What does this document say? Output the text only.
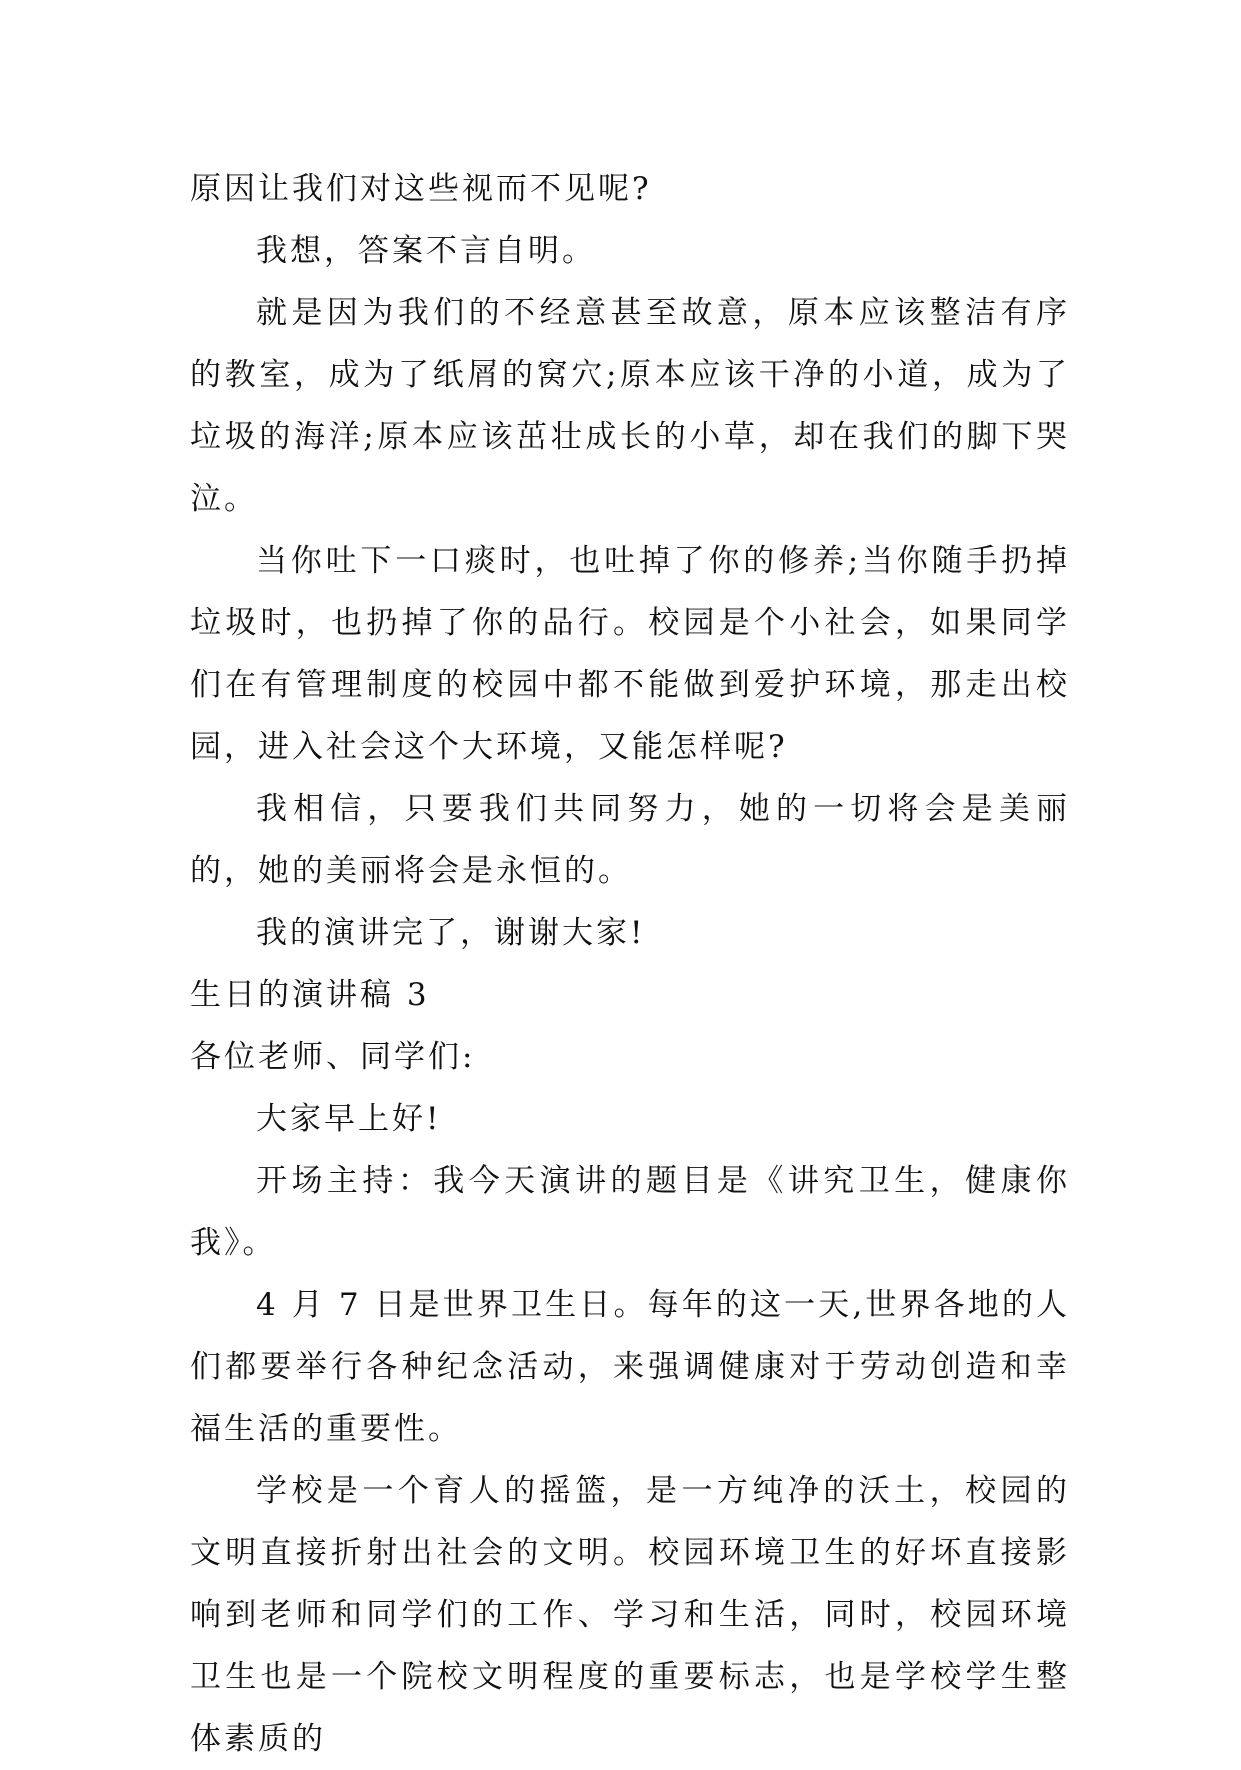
原因让我们对这些视而不见呢?

我想，答案不言自明。

就是因为我们的不经意甚至故意，原本应该整洁有序的教室，成为了纸屑的窝穴;原本应该干净的小道，成为了垃圾的海洋;原本应该茁壮成长的小草，却在我们的脚下哭泣。

当你吐下一口痰时，也吐掉了你的修养;当你随手扔掉垃圾时，也扔掉了你的品行。校园是个小社会，如果同学们在有管理制度的校园中都不能做到爱护环境，那走出校园，进入社会这个大环境，又能怎样呢?

我相信，只要我们共同努力，她的一切将会是美丽的，她的美丽将会是永恒的。

我的演讲完了，谢谢大家!

生日的演讲稿 3

各位老师、同学们:

大家早上好!

开场主持：我今天演讲的题目是《讲究卫生，健康你我》。

4 月 7 日是世界卫生日。每年的这一天,世界各地的人们都要举行各种纪念活动，来强调健康对于劳动创造和幸福生活的重要性。

学校是一个育人的摇篮，是一方纯净的沃土，校园的文明直接折射出社会的文明。校园环境卫生的好坏直接影响到老师和同学们的工作、学习和生活，同时，校园环境卫生也是一个院校文明程度的重要标志，也是学校学生整体素质的
